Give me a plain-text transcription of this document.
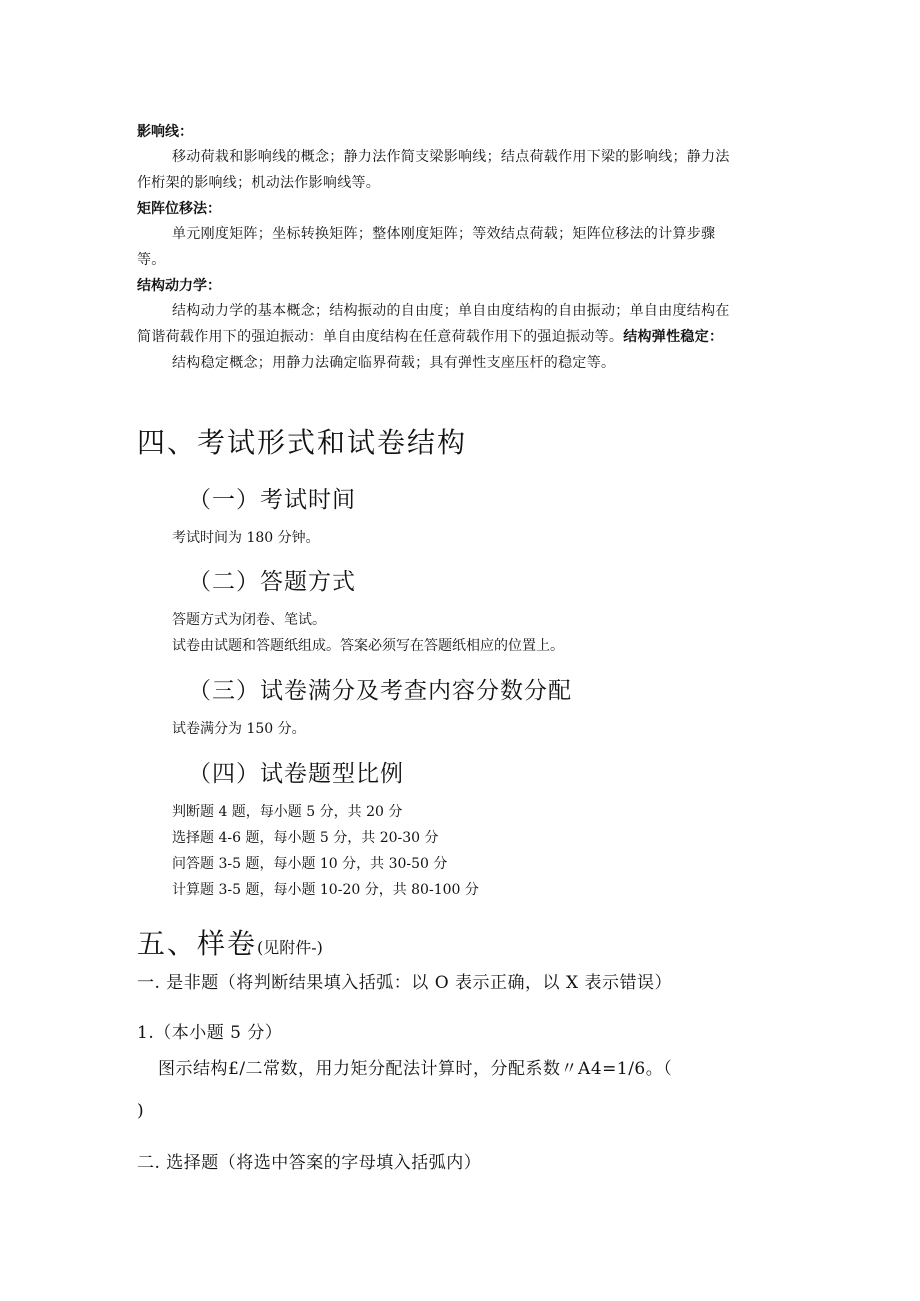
影响线：
移动荷栽和影响线的概念；静力法作简支梁影响线；结点荷载作用下梁的影响线；静力法
作桁架的影响线；机动法作影响线等。
矩阵位移法：
单元刚度矩阵；坐标转换矩阵；整体刚度矩阵；等效结点荷载；矩阵位移法的计算步骤
等。
结构动力学：
结构动力学的基本概念；结构振动的自由度；单自由度结构的自由振动；单自由度结构在
简谐荷载作用下的强迫振动：单自由度结构在任意荷载作用下的强迫振动等。结构弹性稳定：
结构稳定概念；用静力法确定临界荷载；具有弹性支座压杆的稳定等。
四、考试形式和试卷结构
（一）考试时间
考试时间为 180 分钟。
（二）答题方式
答题方式为闭卷、笔试。
试卷由试题和答题纸组成。答案必须写在答题纸相应的位置上。
（三）试卷满分及考查内容分数分配
试卷满分为 150 分。
（四）试卷题型比例
判断题 4 题，每小题 5 分，共 20 分
选择题 4-6 题，每小题 5 分，共 20-30 分
问答题 3-5 题，每小题 10 分，共 30-50 分
计算题 3-5 题，每小题 10-20 分，共 80-100 分
五、样卷(见附件-)
一. 是非题（将判断结果填入括弧：以 O 表示正确，以 X 表示错误）
1.（本小题 5 分）
图示结构£/二常数，用力矩分配法计算时，分配系数〃A4=1/6。（
)
二. 选择题（将选中答案的字母填入括弧内）
